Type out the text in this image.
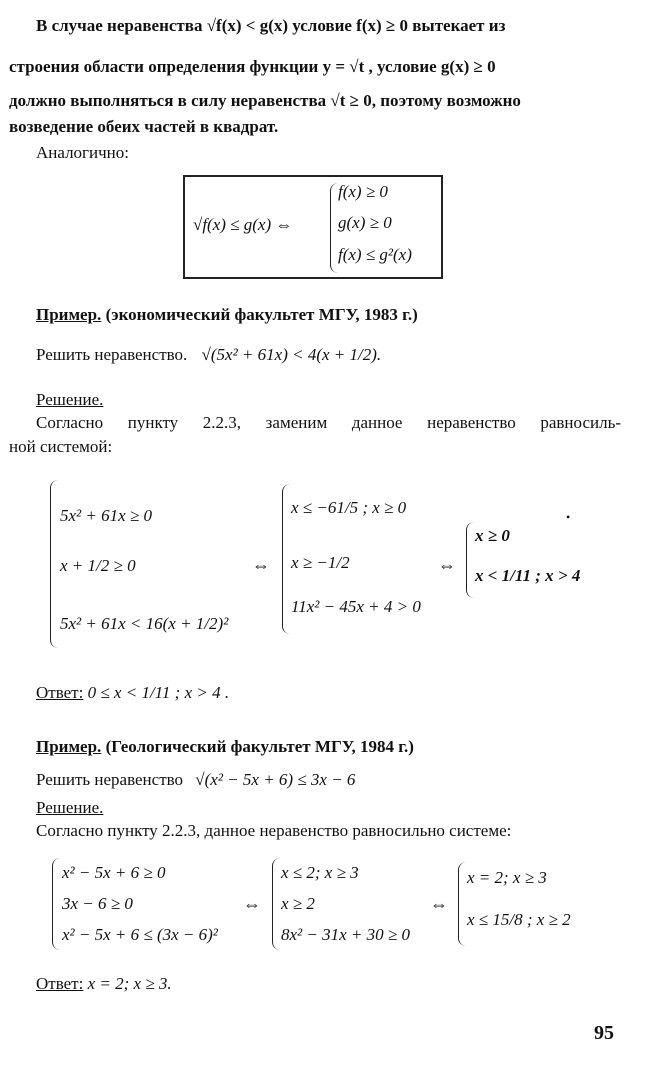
В случае неравенства √f(x) < g(x) условие f(x) ≥ 0 вытекает из
строения области определения функции y = √t , условие g(x) ≥ 0
должно выполняться в силу неравенства √t ≥ 0, поэтому возможно
возведение обеих частей в квадрат.
Аналогично:
√f(x) ≤ g(x) ⇔
f(x) ≥ 0
g(x) ≥ 0
f(x) ≤ g²(x)
Пример. (экономический факультет МГУ, 1983 г.)
Решить неравенство. √(5x² + 61x) < 4(x + 1/2).
Решение.
Согласно пункту 2.2.3, заменим данное неравенство равносиль-
ной системой:
5x² + 61x ≥ 0
x + 1/2 ≥ 0
5x² + 61x < 16(x + 1/2)²
⇔
x ≤ −61/5 ; x ≥ 0
x ≥ −1/2
11x² − 45x + 4 > 0
⇔
x ≥ 0
x < 1/11 ; x > 4
•
Ответ: 0 ≤ x < 1/11 ; x > 4 .
Пример. (Геологический факультет МГУ, 1984 г.)
Решить неравенство √(x² − 5x + 6) ≤ 3x − 6
Решение.
Согласно пункту 2.2.3, данное неравенство равносильно системе:
x² − 5x + 6 ≥ 0
3x − 6 ≥ 0
x² − 5x + 6 ≤ (3x − 6)²
⇔
x ≤ 2; x ≥ 3
x ≥ 2
8x² − 31x + 30 ≥ 0
⇔
x = 2; x ≥ 3
x ≤ 15/8 ; x ≥ 2
Ответ: x = 2; x ≥ 3.
95
